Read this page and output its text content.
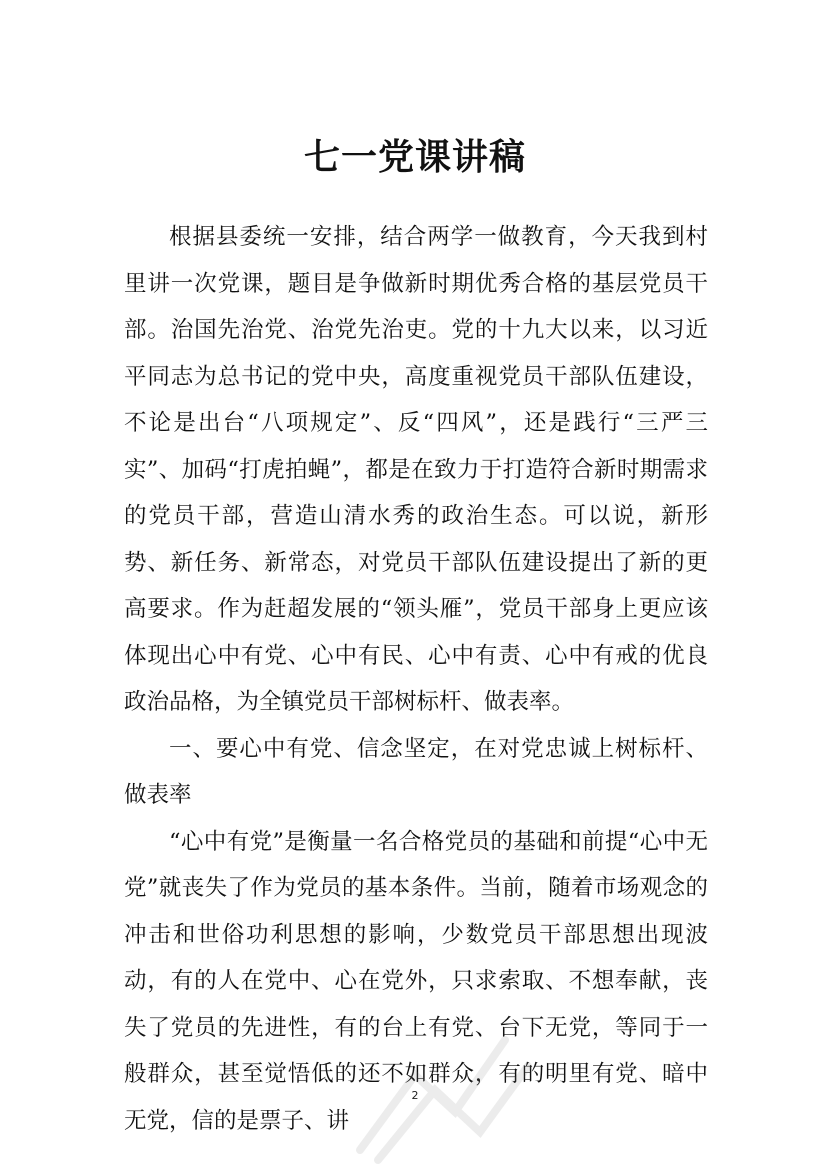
七一党课讲稿

根据县委统一安排，结合两学一做教育，今天我到村里讲一次党课，题目是争做新时期优秀合格的基层党员干部。治国先治党、治党先治吏。党的十九大以来，以习近平同志为总书记的党中央，高度重视党员干部队伍建设，不论是出台“八项规定”、反“四风”，还是践行“三严三实”、加码“打虎拍蝇”，都是在致力于打造符合新时期需求的党员干部，营造山清水秀的政治生态。可以说，新形势、新任务、新常态，对党员干部队伍建设提出了新的更高要求。作为赶超发展的“领头雁”，党员干部身上更应该体现出心中有党、心中有民、心中有责、心中有戒的优良政治品格，为全镇党员干部树标杆、做表率。

一、要心中有党、信念坚定，在对党忠诚上树标杆、做表率

“心中有党”是衡量一名合格党员的基础和前提“心中无党”就丧失了作为党员的基本条件。当前，随着市场观念的冲击和世俗功利思想的影响，少数党员干部思想出现波动，有的人在党中、心在党外，只求索取、不想奉献，丧失了党员的先进性，有的台上有党、台下无党，等同于一般群众，甚至觉悟低的还不如群众，有的明里有党、暗中无党，信的是票子、讲

2
